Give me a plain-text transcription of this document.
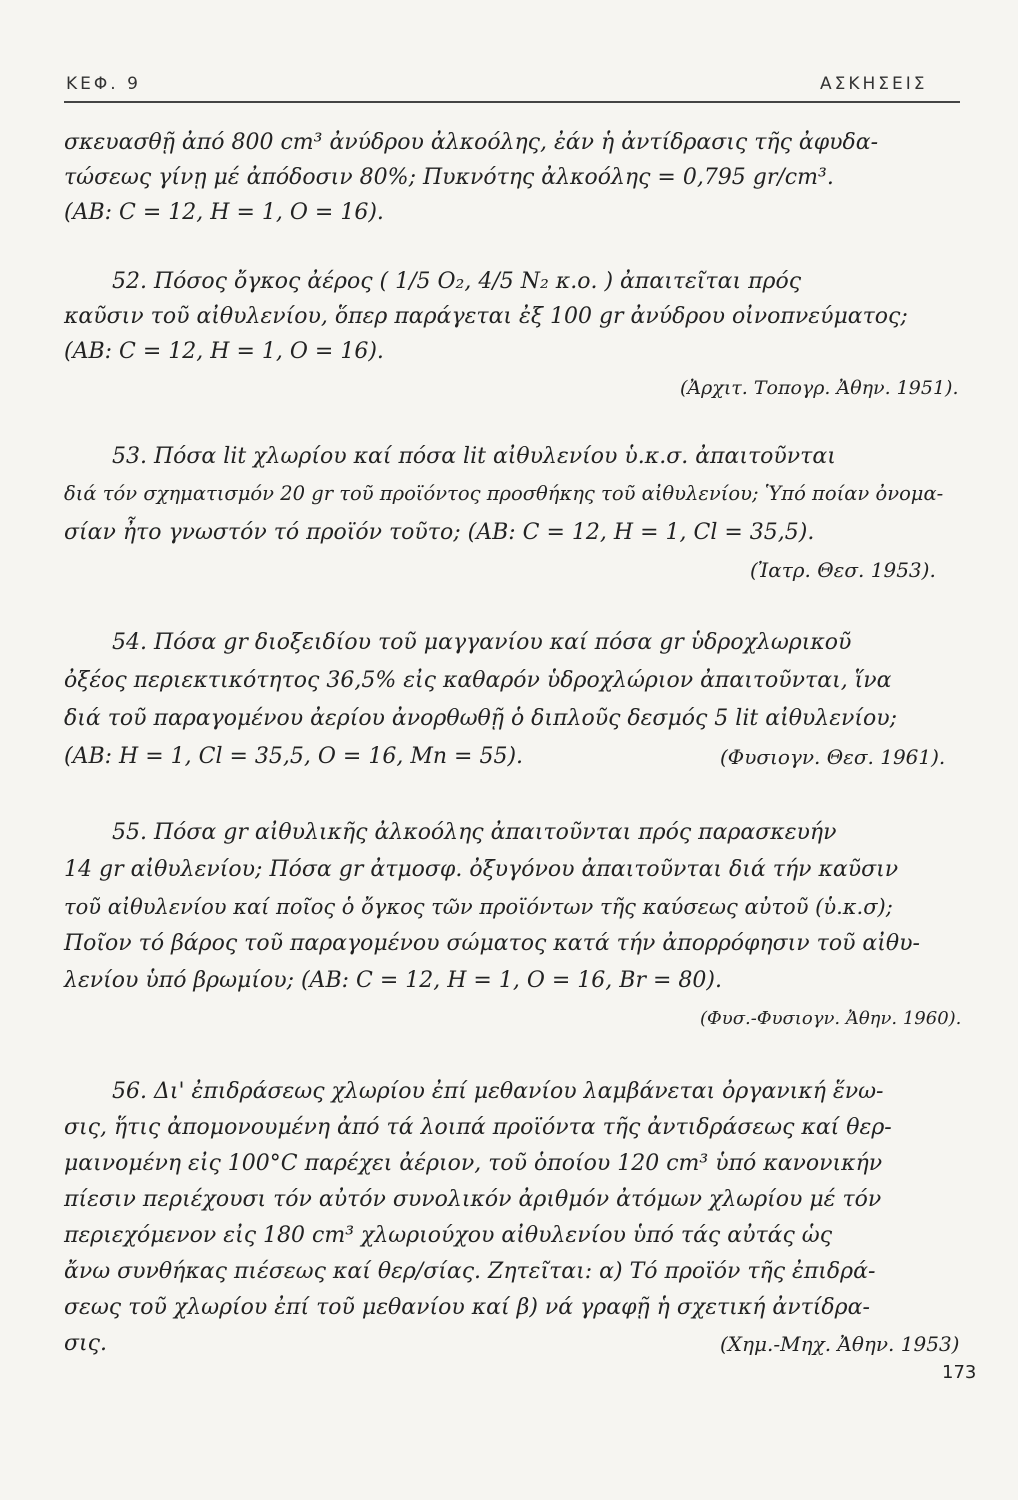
ΚΕΦ. 9	ΑΣΚΗΣΕΙΣ
σκευασθῇ ἀπό 800 cm³ ἀνύδρου ἀλκοόλης, ἐάν ἡ ἀντίδρασις τῆς ἀφυδα-
τώσεως γίνῃ μέ ἀπόδοσιν 80%; Πυκνότης ἀλκοόλης = 0,795 gr/cm³.
(ΑΒ: C = 12, H = 1, O = 16).
52. Πόσος ὄγκος ἀέρος ( 1/5 O₂, 4/5 N₂ κ.ο. ) ἀπαιτεῖται πρός
καῦσιν τοῦ αἰθυλενίου, ὅπερ παράγεται ἐξ 100 gr ἀνύδρου οἰνοπνεύματος;
(ΑΒ: C = 12, H = 1, O = 16).
(Ἀρχιτ. Τοπογρ. Ἀθην. 1951).
53. Πόσα lit χλωρίου καί πόσα lit αἰθυλενίου ὑ.κ.σ. ἀπαιτοῦνται
διά τόν σχηματισμόν 20 gr τοῦ προϊόντος προσθήκης τοῦ αἰθυλενίου; Ὑπό ποίαν ὀνομα-
σίαν ἦτο γνωστόν τό προϊόν τοῦτο; (ΑΒ: C = 12, H = 1, Cl = 35,5).
(Ἰατρ. Θεσ. 1953).
54. Πόσα gr διοξειδίου τοῦ μαγγανίου καί πόσα gr ὑδροχλωρικοῦ
ὀξέος περιεκτικότητος 36,5% εἰς καθαρόν ὑδροχλώριον ἀπαιτοῦνται, ἵνα
διά τοῦ παραγομένου ἀερίου ἀνορθωθῇ ὁ διπλοῦς δεσμός 5 lit αἰθυλενίου;
(ΑΒ: H = 1, Cl = 35,5, O = 16, Mn = 55).	(Φυσιογν. Θεσ. 1961).
55. Πόσα gr αἰθυλικῆς ἀλκοόλης ἀπαιτοῦνται πρός παρασκευήν
14 gr αἰθυλενίου; Πόσα gr ἀτμοσφ. ὀξυγόνου ἀπαιτοῦνται διά τήν καῦσιν
τοῦ αἰθυλενίου καί ποῖος ὁ ὄγκος τῶν προϊόντων τῆς καύσεως αὐτοῦ (ὑ.κ.σ);
Ποῖον τό βάρος τοῦ παραγομένου σώματος κατά τήν ἀπορρόφησιν τοῦ αἰθυ-
λενίου ὑπό βρωμίου; (ΑΒ: C = 12, H = 1, O = 16, Br = 80).
(Φυσ.-Φυσιογν. Ἀθην. 1960).
56. Δι' ἐπιδράσεως χλωρίου ἐπί μεθανίου λαμβάνεται ὀργανική ἕνω-
σις, ἥτις ἀπομονουμένη ἀπό τά λοιπά προϊόντα τῆς ἀντιδράσεως καί θερ-
μαινομένη εἰς 100°C παρέχει ἀέριον, τοῦ ὁποίου 120 cm³ ὑπό κανονικήν
πίεσιν περιέχουσι τόν αὐτόν συνολικόν ἀριθμόν ἀτόμων χλωρίου μέ τόν
περιεχόμενον εἰς 180 cm³ χλωριούχου αἰθυλενίου ὑπό τάς αὐτάς ὡς
ἄνω συνθήκας πιέσεως καί θερ/σίας. Ζητεῖται: α) Τό προϊόν τῆς ἐπιδρά-
σεως τοῦ χλωρίου ἐπί τοῦ μεθανίου καί β) νά γραφῇ ἡ σχετική ἀντίδρα-
σις.	(Χημ.-Μηχ. Ἀθην. 1953)
173
